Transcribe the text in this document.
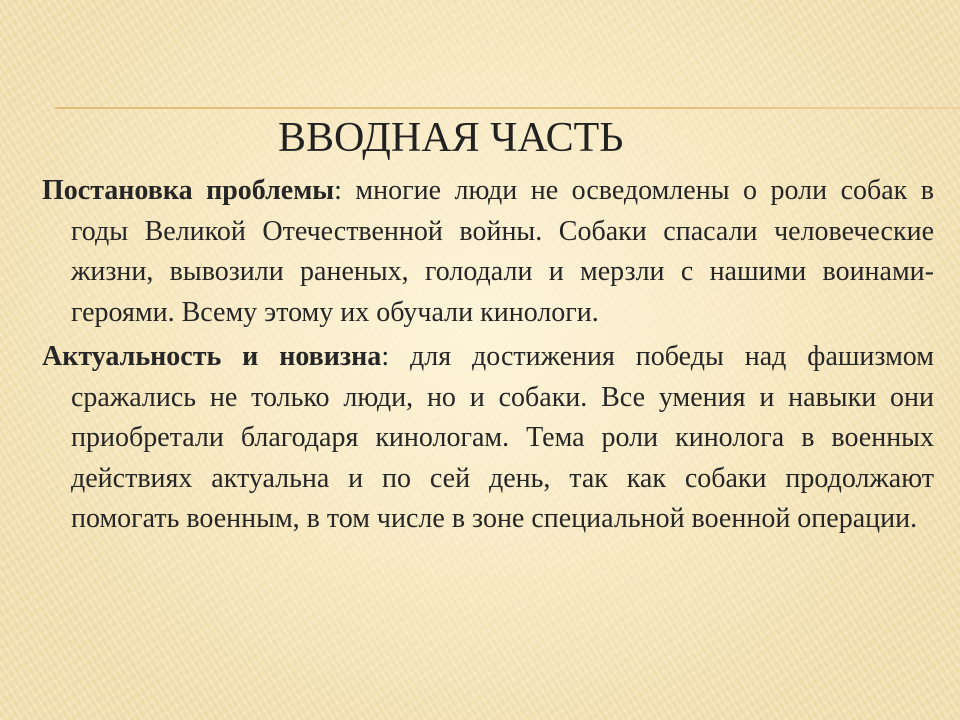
ВВОДНАЯ ЧАСТЬ

Постановка проблемы: многие люди не осведомлены о роли собак в годы Великой Отечественной войны. Собаки спасали человеческие жизни, вывозили раненых, голодали и мерзли с нашими воинами-героями. Всему этому их обучали кинологи.

Актуальность и новизна: для достижения победы над фашизмом сражались не только люди, но и собаки. Все умения и навыки они приобретали благодаря кинологам. Тема роли кинолога в военных действиях актуальна и по сей день, так как собаки продолжают помогать военным, в том числе в зоне специальной военной операции.
